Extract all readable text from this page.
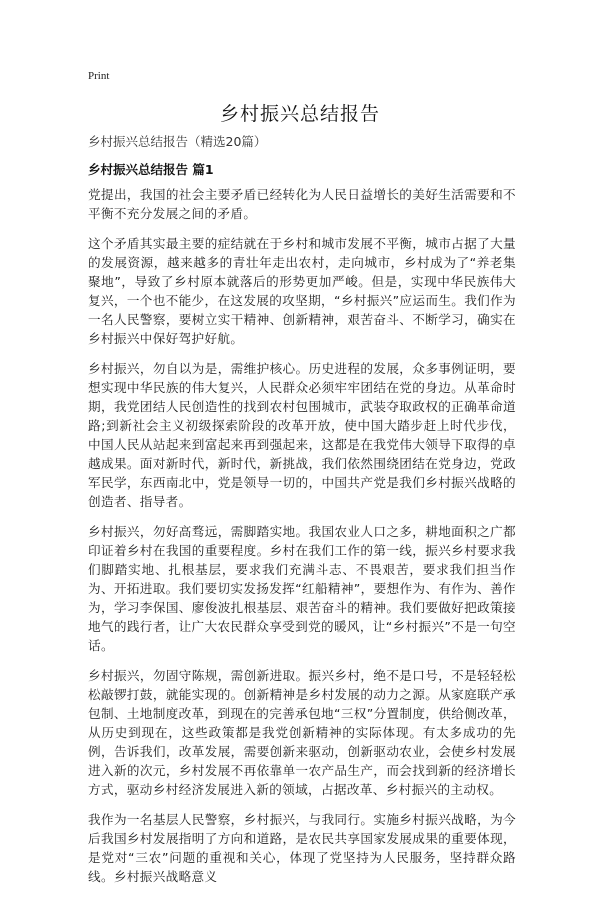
Print
乡村振兴总结报告
乡村振兴总结报告（精选20篇）
乡村振兴总结报告 篇1

党提出，我国的社会主要矛盾已经转化为人民日益增长的美好生活需要和不平衡不充分发展之间的矛盾。

这个矛盾其实最主要的症结就在于乡村和城市发展不平衡，城市占据了大量的发展资源，越来越多的青壮年走出农村，走向城市，乡村成为了“养老集聚地”，导致了乡村原本就落后的形势更加严峻。但是，实现中华民族伟大复兴，一个也不能少，在这发展的攻坚期，“乡村振兴”应运而生。我们作为一名人民警察，要树立实干精神、创新精神，艰苦奋斗、不断学习，确实在乡村振兴中保好驾护好航。

乡村振兴，勿自以为是，需维护核心。历史进程的发展，众多事例证明，要想实现中华民族的伟大复兴，人民群众必须牢牢团结在党的身边。从革命时期，我党团结人民创造性的找到农村包围城市，武装夺取政权的正确革命道路;到新社会主义初级探索阶段的改革开放，使中国大踏步赶上时代步伐，中国人民从站起来到富起来再到强起来，这都是在我党伟大领导下取得的卓越成果。面对新时代，新时代，新挑战，我们依然围绕团结在党身边，党政军民学，东西南北中，党是领导一切的，中国共产党是我们乡村振兴战略的创造者、指导者。

乡村振兴，勿好高骛远，需脚踏实地。我国农业人口之多，耕地面积之广都印证着乡村在我国的重要程度。乡村在我们工作的第一线，振兴乡村要求我们脚踏实地、扎根基层，要求我们充满斗志、不畏艰苦，要求我们担当作为、开拓进取。我们要切实发扬发挥“红船精神”，要想作为、有作为、善作为，学习李保国、廖俊波扎根基层、艰苦奋斗的精神。我们要做好把政策接地气的践行者，让广大农民群众享受到党的暖风，让“乡村振兴”不是一句空话。

乡村振兴，勿固守陈规，需创新进取。振兴乡村，绝不是口号，不是轻轻松松敲锣打鼓，就能实现的。创新精神是乡村发展的动力之源。从家庭联产承包制、土地制度改革，到现在的完善承包地“三权”分置制度，供给侧改革，从历史到现在，这些政策都是我党创新精神的实际体现。有太多成功的先例，告诉我们，改革发展，需要创新来驱动，创新驱动农业，会使乡村发展进入新的次元，乡村发展不再依靠单一农产品生产，而会找到新的经济增长方式，驱动乡村经济发展进入新的领域，占据改革、乡村振兴的主动权。

我作为一名基层人民警察，乡村振兴，与我同行。实施乡村振兴战略，为今后我国乡村发展指明了方向和道路，是农民共享国家发展成果的重要体现，是党对“三农”问题的重视和关心，体现了党坚持为人民服务，坚持群众路线。乡村振兴战略意义
